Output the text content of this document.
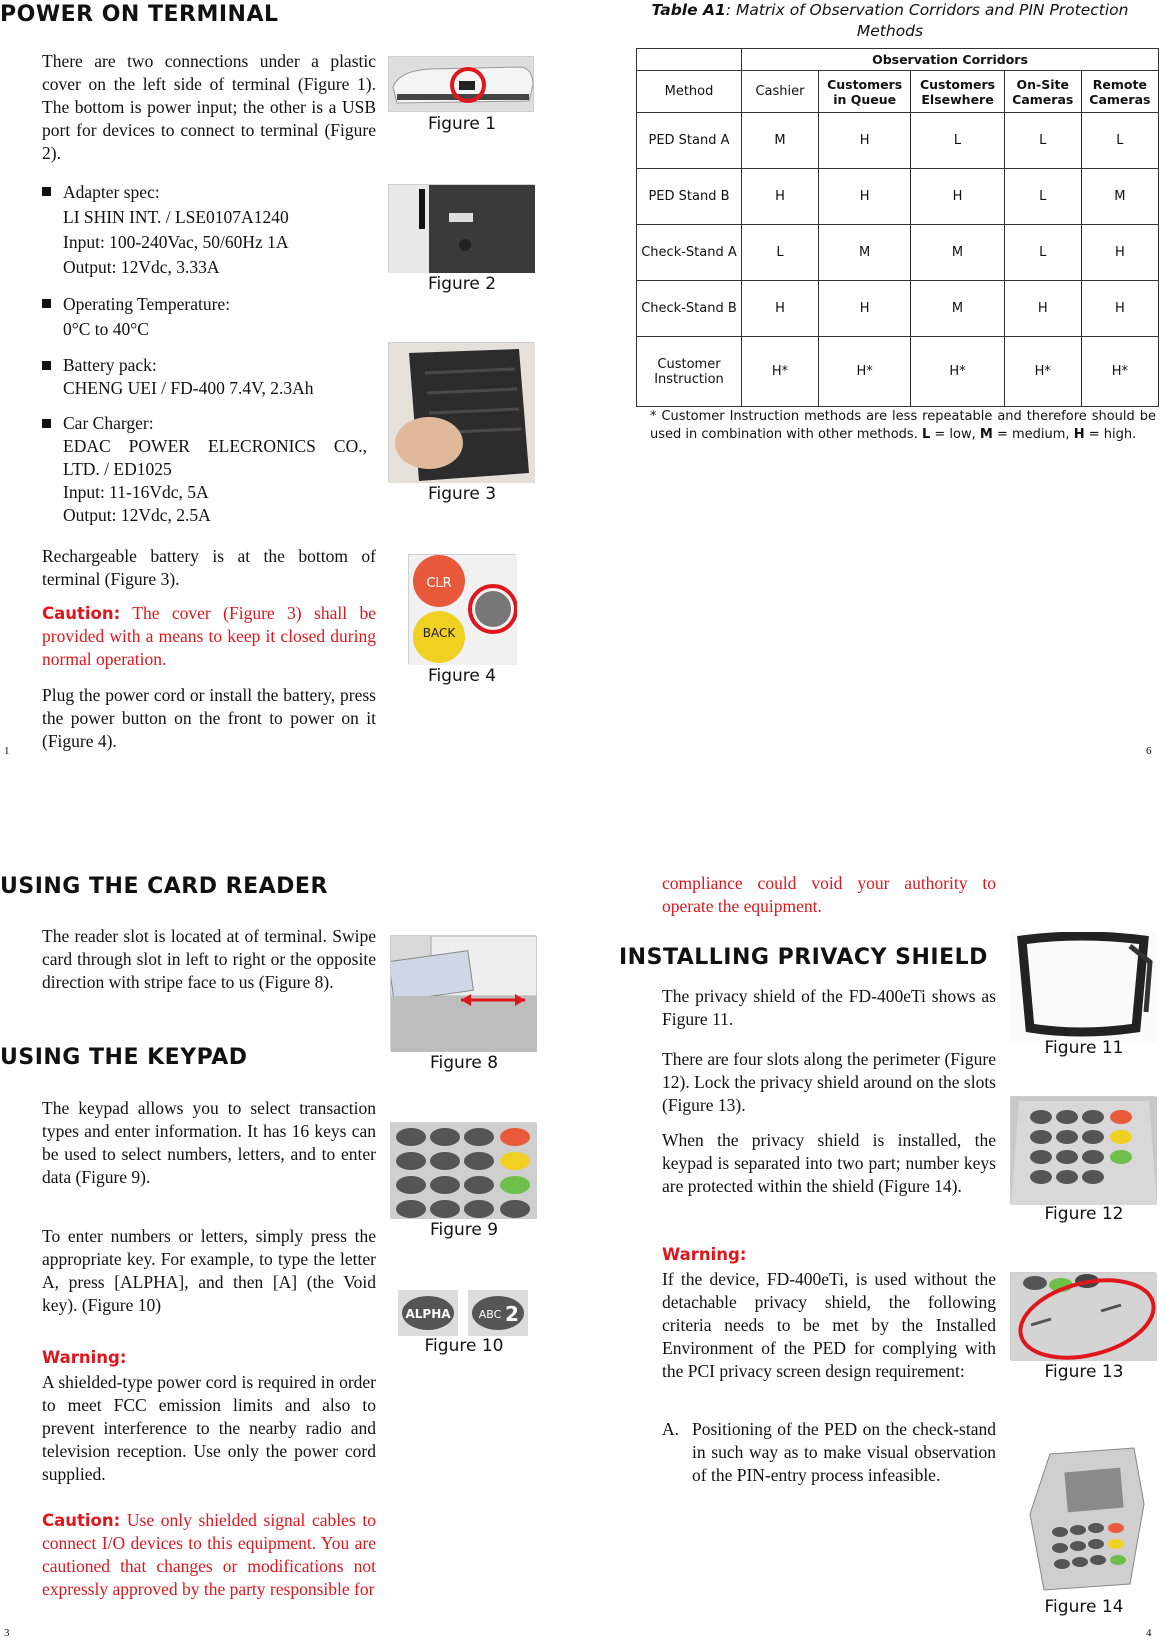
POWER ON TERMINAL

There are two connections under a plastic cover on the left side of terminal (Figure 1). The bottom is power input; the other is a USB port for devices to connect to terminal (Figure 2).

Adapter spec:
LI SHIN INT. / LSE0107A1240
Input: 100-240Vac, 50/60Hz 1A
Output: 12Vdc, 3.33A
Operating Temperature:
0°C to 40°C
Battery pack:
CHENG UEI / FD-400 7.4V, 2.3Ah
Car Charger:
EDAC POWER ELECRONICS CO., LTD. / ED1025
Input: 11-16Vdc, 5A
Output: 12Vdc, 2.5A

Rechargeable battery is at the bottom of terminal (Figure 3).

Caution: The cover (Figure 3) shall be provided with a means to keep it closed during normal operation.

Plug the power cord or install the battery, press the power button on the front to power on it (Figure 4).

Figure 1
Figure 2
Figure 3
CLR
BACK
Figure 4
1
Table A1: Matrix of Observation Corridors and PIN Protection Methods
	Observation Corridors				
Method	Cashier	Customers in Queue	Customers Elsewhere	On-Site Cameras	Remote Cameras
PED Stand A	M	H	L	L	L
PED Stand B	H	H	H	L	M
Check-Stand A	L	M	M	L	H
Check-Stand B	H	H	M	H	H
Customer Instruction	H*	H*	H*	H*	H*
* Customer Instruction methods are less repeatable and therefore should be used in combination with other methods. L = low, M = medium, H = high.
6
USING THE CARD READER

The reader slot is located at of terminal. Swipe card through slot in left to right or the opposite direction with stripe face to us (Figure 8).

Figure 8
USING THE KEYPAD

The keypad allows you to select transaction types and enter information. It has 16 keys can be used to select numbers, letters, and to enter data (Figure 9).

To enter numbers or letters, simply press the appropriate key. For example, to type the letter A, press [ALPHA], and then [A] (the Void key). (Figure 10)

Figure 9
ALPHA	ABC 2
Figure 10
Warning:

A shielded-type power cord is required in order to meet FCC emission limits and also to prevent interference to the nearby radio and television reception. Use only the power cord supplied.

Caution: Use only shielded signal cables to connect I/O devices to this equipment. You are cautioned that changes or modifications not expressly approved by the party responsible for

3

compliance could void your authority to operate the equipment.

INSTALLING PRIVACY SHIELD

The privacy shield of the FD-400eTi shows as Figure 11.

There are four slots along the perimeter (Figure 12). Lock the privacy shield around on the slots (Figure 13).

When the privacy shield is installed, the keypad is separated into two part; number keys are protected within the shield (Figure 14).

Warning:

If the device, FD-400eTi, is used without the detachable privacy shield, the following criteria needs to be met by the Installed Environment of the PED for complying with the PCI privacy screen design requirement:

A. Positioning of the PED on the check-stand in such way as to make visual observation of the PIN-entry process infeasible.
Figure 11
Figure 12
Figure 13
Figure 14
4
